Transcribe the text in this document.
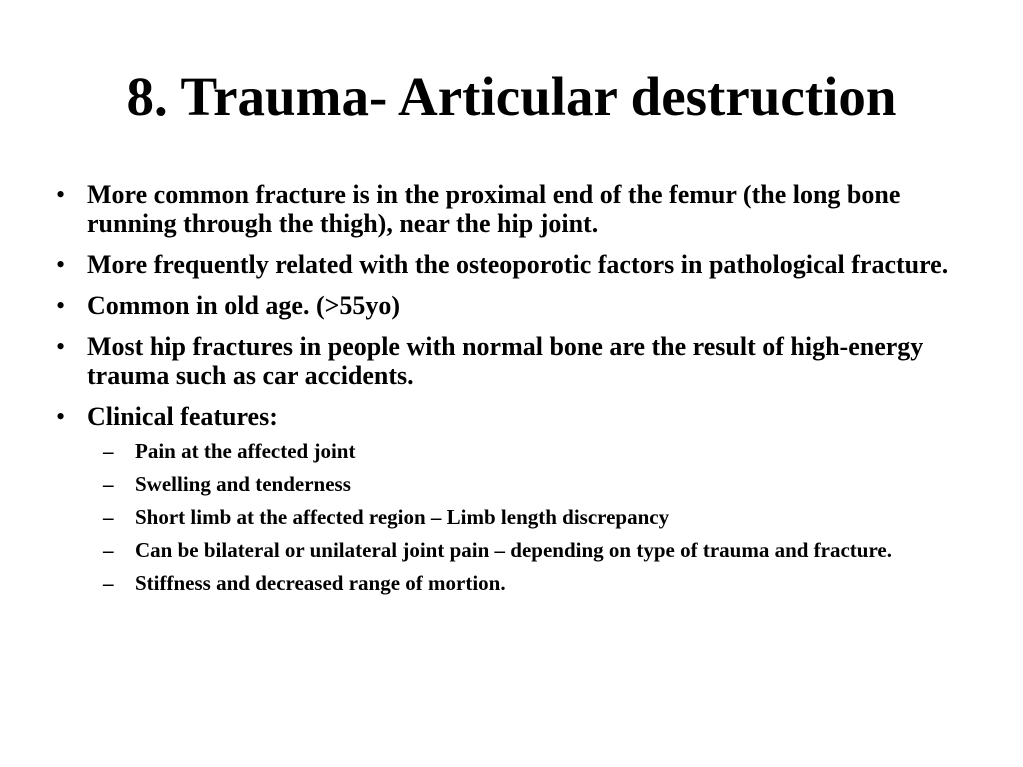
8. Trauma- Articular destruction
• More common fracture is in the proximal end of the femur (the long bone running through the thigh), near the hip joint.
• More frequently related with the osteoporotic factors in pathological fracture.
• Common in old age. (>55yo)
• Most hip fractures in people with normal bone are the result of high-energy trauma such as car accidents.
• Clinical features:
– Pain at the affected joint
– Swelling and tenderness
– Short limb at the affected region – Limb length discrepancy
– Can be bilateral or unilateral joint pain – depending on type of trauma and fracture.
– Stiffness and decreased range of mortion.
